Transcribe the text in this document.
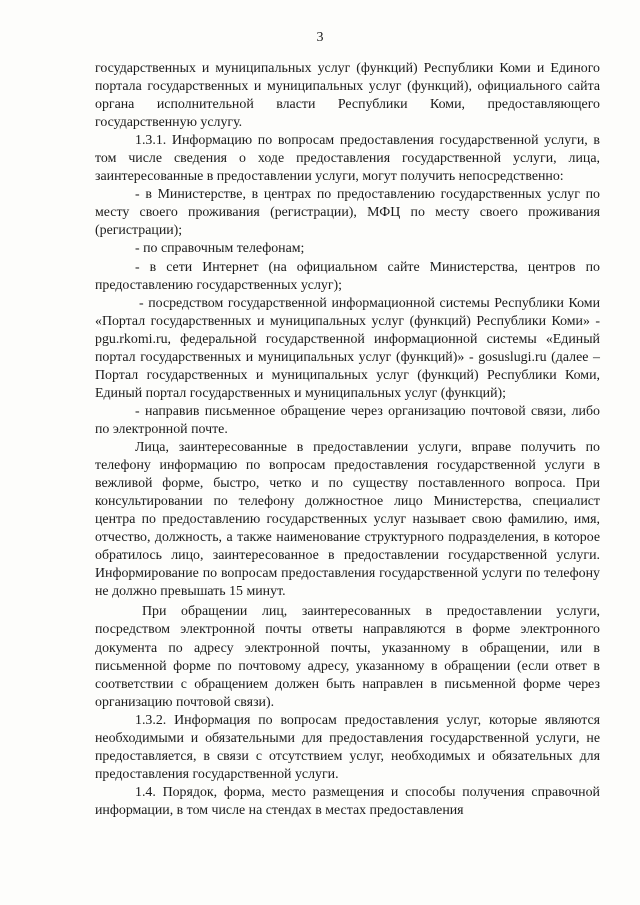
3

государственных и муниципальных услуг (функций) Республики Коми и Единого портала государственных и муниципальных услуг (функций), официального сайта органа исполнительной власти Республики Коми, предоставляющего государственную услугу.

1.3.1. Информацию по вопросам предоставления государственной услуги, в том числе сведения о ходе предоставления государственной услуги, лица, заинтересованные в предоставлении услуги, могут получить непосредственно:

- в Министерстве, в центрах по предоставлению государственных услуг по месту своего проживания (регистрации), МФЦ по месту своего проживания (регистрации);

- по справочным телефонам;

- в сети Интернет (на официальном сайте Министерства, центров по предоставлению государственных услуг);

- посредством государственной информационной системы Республики Коми «Портал государственных и муниципальных услуг (функций) Республики Коми» - pgu.rkomi.ru, федеральной государственной информационной системы «Единый портал государственных и муниципальных услуг (функций)» - gosuslugi.ru (далее – Портал государственных и муниципальных услуг (функций) Республики Коми, Единый портал государственных и муниципальных услуг (функций);

- направив письменное обращение через организацию почтовой связи, либо по электронной почте.

Лица, заинтересованные в предоставлении услуги, вправе получить по телефону информацию по вопросам предоставления государственной услуги в вежливой форме, быстро, четко и по существу поставленного вопроса. При консультировании по телефону должностное лицо Министерства, специалист центра по предоставлению государственных услуг называет свою фамилию, имя, отчество, должность, а также наименование структурного подразделения, в которое обратилось лицо, заинтересованное в предоставлении государственной услуги. Информирование по вопросам предоставления государственной услуги по телефону не должно превышать 15 минут.

При обращении лиц, заинтересованных в предоставлении услуги, посредством электронной почты ответы направляются в форме электронного документа по адресу электронной почты, указанному в обращении, или в письменной форме по почтовому адресу, указанному в обращении (если ответ в соответствии с обращением должен быть направлен в письменной форме через организацию почтовой связи).

1.3.2. Информация по вопросам предоставления услуг, которые являются необходимыми и обязательными для предоставления государственной услуги, не предоставляется, в связи с отсутствием услуг, необходимых и обязательных для предоставления государственной услуги.

1.4. Порядок, форма, место размещения и способы получения справочной информации, в том числе на стендах в местах предоставления
